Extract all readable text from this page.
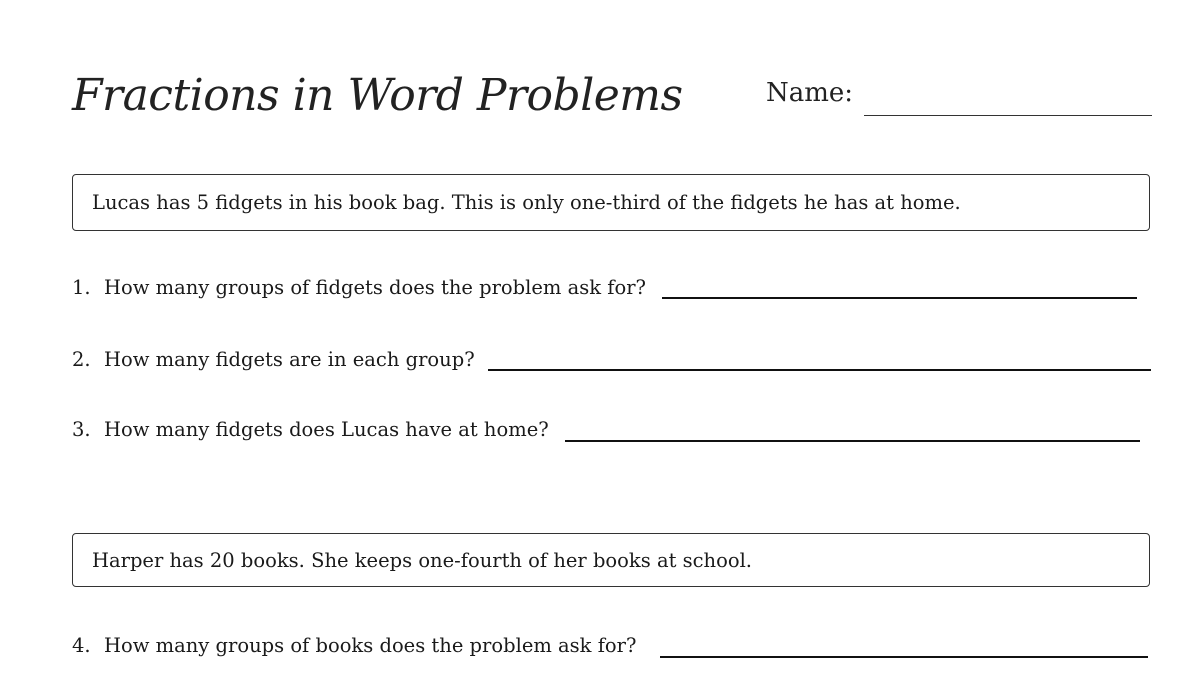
Fractions in Word Problems	Name:
Lucas has 5 fidgets in his book bag. This is only one-third of the fidgets he has at home.
1. How many groups of fidgets does the problem ask for?
2. How many fidgets are in each group?
3. How many fidgets does Lucas have at home?
Harper has 20 books. She keeps one-fourth of her books at school.
4. How many groups of books does the problem ask for?
